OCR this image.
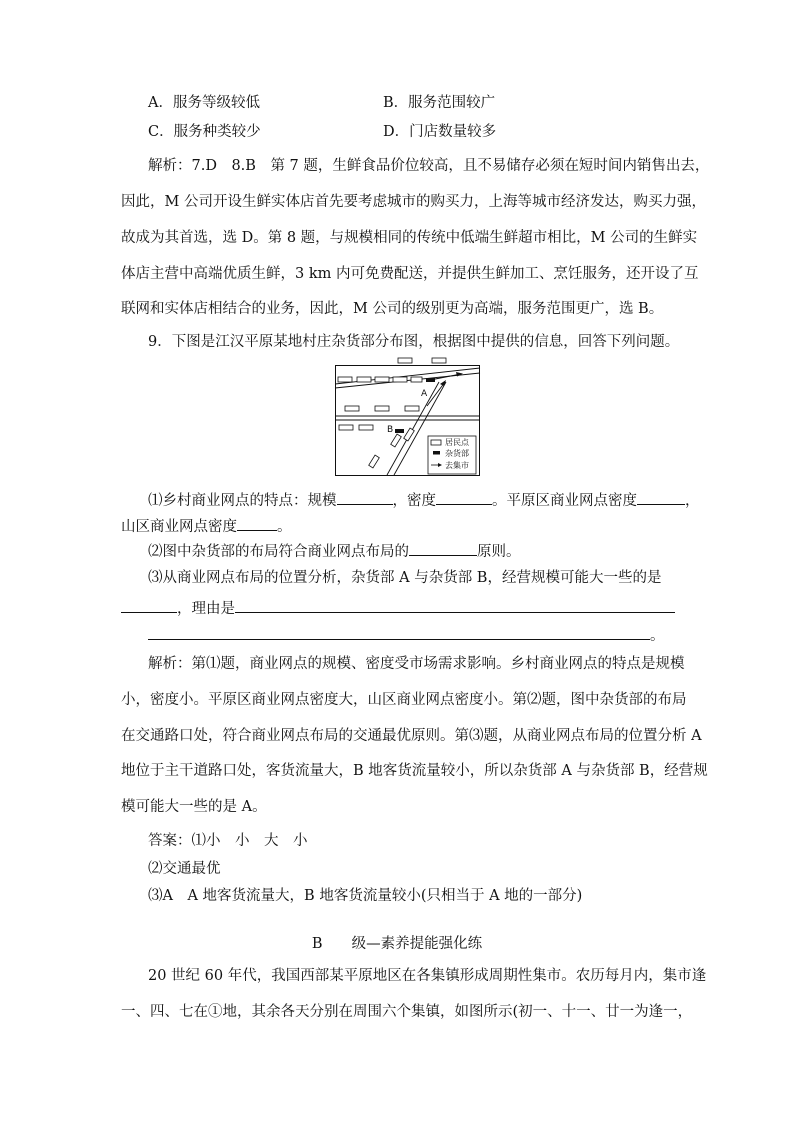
A．服务等级较低	B．服务范围较广
C．服务种类较少	D．门店数量较多
解析：7.D　8.B　第 7 题，生鲜食品价位较高，且不易储存必须在短时间内销售出去，
因此，M 公司开设生鲜实体店首先要考虑城市的购买力，上海等城市经济发达，购买力强，
故成为其首选，选 D。第 8 题，与规模相同的传统中低端生鲜超市相比，M 公司的生鲜实
体店主营中高端优质生鲜，3 km 内可免费配送，并提供生鲜加工、烹饪服务，还开设了互
联网和实体店相结合的业务，因此，M 公司的级别更为高端，服务范围更广，选 B。
9．下图是江汉平原某地村庄杂货部分布图，根据图中提供的信息，回答下列问题。
A
B
居民点
杂货部
去集市
⑴乡村商业网点的特点：规模	，密度	。平原区商业网点密度	，
山区商业网点密度	。
⑵图中杂货部的布局符合商业网点布局的	原则。
⑶从商业网点布局的位置分析，杂货部 A 与杂货部 B，经营规模可能大一些的是
，理由是
。
解析：第⑴题，商业网点的规模、密度受市场需求影响。乡村商业网点的特点是规模
小，密度小。平原区商业网点密度大，山区商业网点密度小。第⑵题，图中杂货部的布局
在交通路口处，符合商业网点布局的交通最优原则。第⑶题，从商业网点布局的位置分析 A
地位于主干道路口处，客货流量大，B 地客货流量较小，所以杂货部 A 与杂货部 B，经营规
模可能大一些的是 A。
答案：⑴小　小　大　小
⑵交通最优
⑶A　A 地客货流量大，B 地客货流量较小(只相当于 A 地的一部分)
B　　级—素养提能强化练
20 世纪 60 年代，我国西部某平原地区在各集镇形成周期性集市。农历每月内，集市逢
一、四、七在①地，其余各天分别在周围六个集镇，如图所示(初一、十一、廿一为逢一，
